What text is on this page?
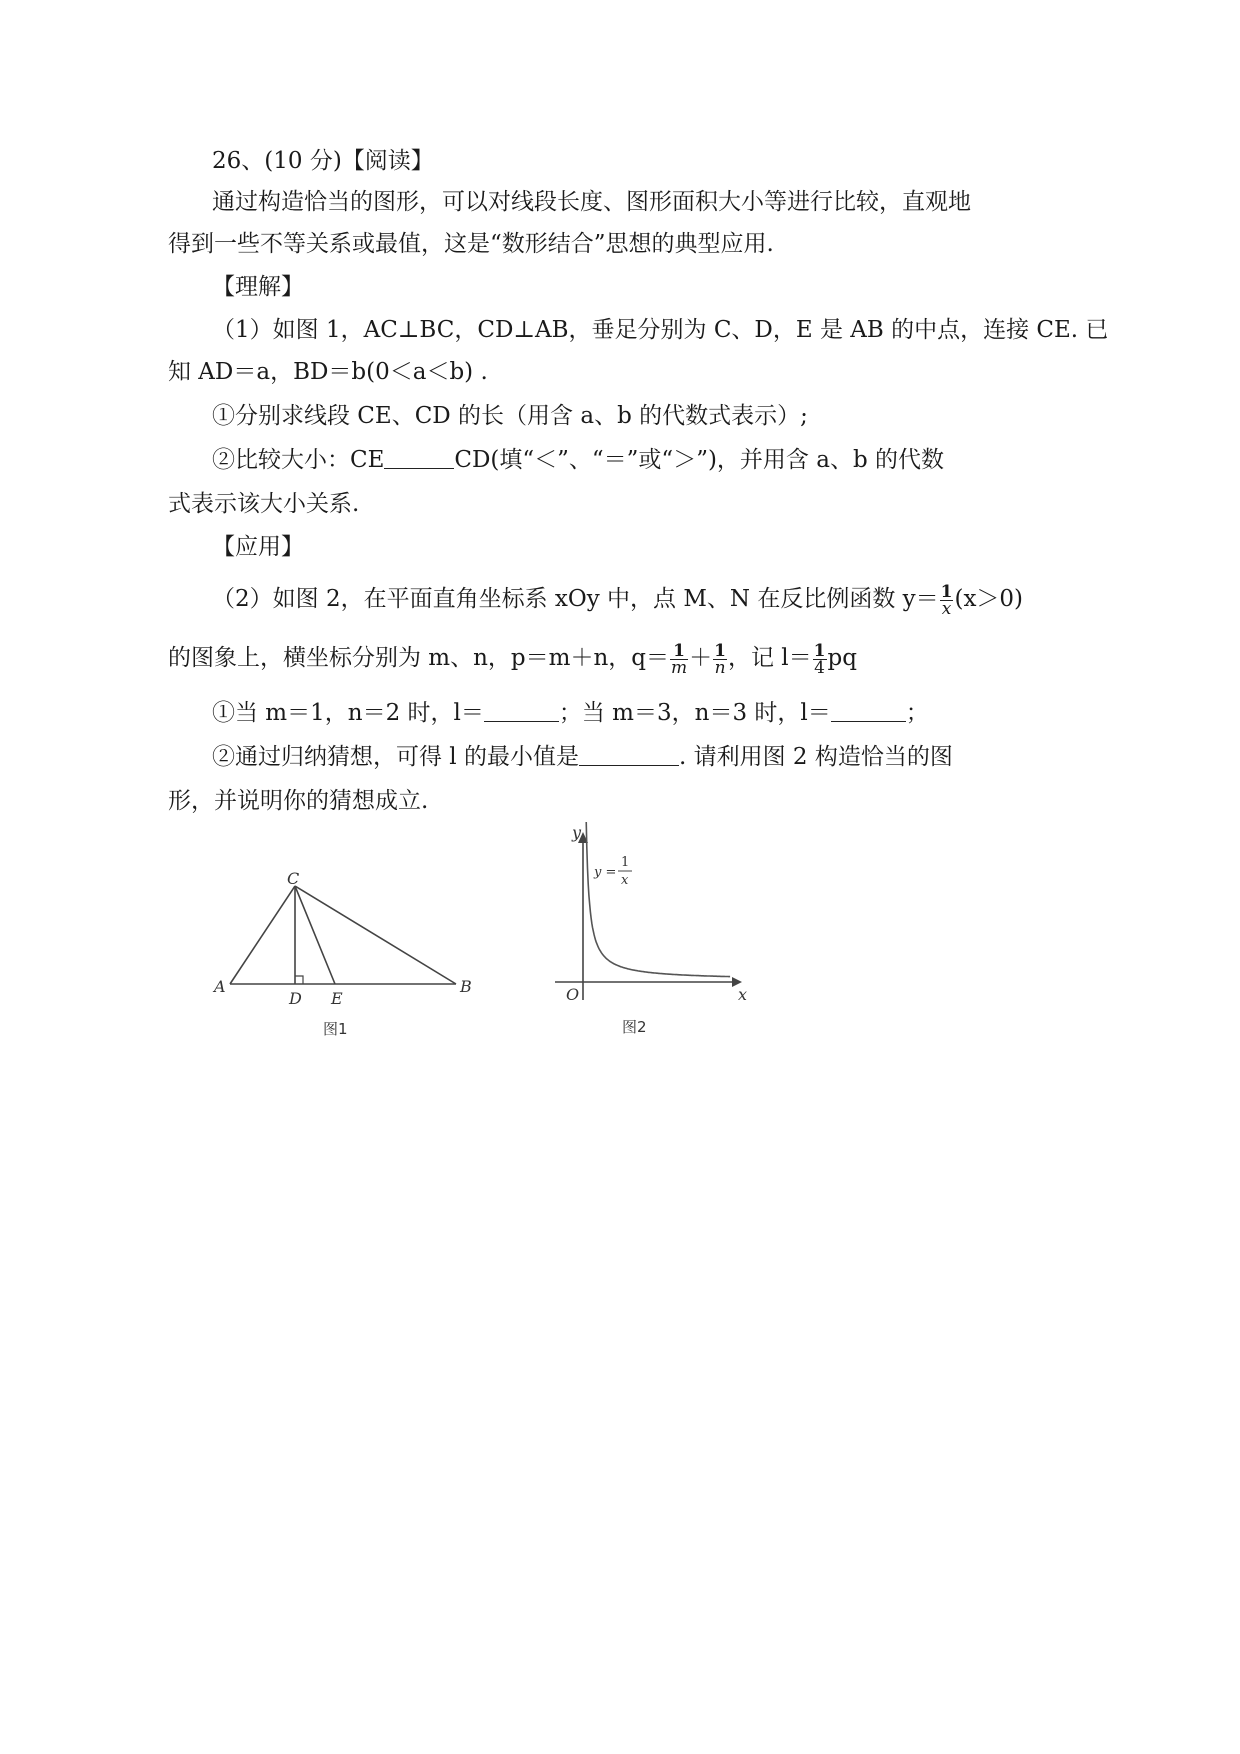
26、(10 分)【阅读】
通过构造恰当的图形，可以对线段长度、图形面积大小等进行比较，直观地
得到一些不等关系或最值，这是“数形结合”思想的典型应用.
【理解】
（1）如图 1，AC⊥BC，CD⊥AB，垂足分别为 C、D，E 是 AB 的中点，连接 CE. 已
知 AD＝a，BD＝b(0＜a＜b) .
①分别求线段 CE、CD 的长（用含 a、b 的代数式表示）;
②比较大小：CE	CD(填“＜”、“＝”或“＞”)，并用含 a、b 的代数
式表示该大小关系.
【应用】
（2）如图 2，在平面直角坐标系 xOy 中，点 M、N 在反比例函数 $y= \frac{1}{x} (x>0)$
的图象上，横坐标分别为 m、n，p＝m＋n，$q= \frac{1}{m} + \frac{1}{n}$ ，记 $l= \frac{1}{4}$ pq
①当 m＝1，n＝2 时，l＝	；当 m＝3，n＝3 时，l＝	；
②通过归纳猜想，可得 l 的最小值是	. 请利用图 2 构造恰当的图
形，并说明你的猜想成立.
A	B
C
D E
图1
y
x
O
y =
1
x
图2
